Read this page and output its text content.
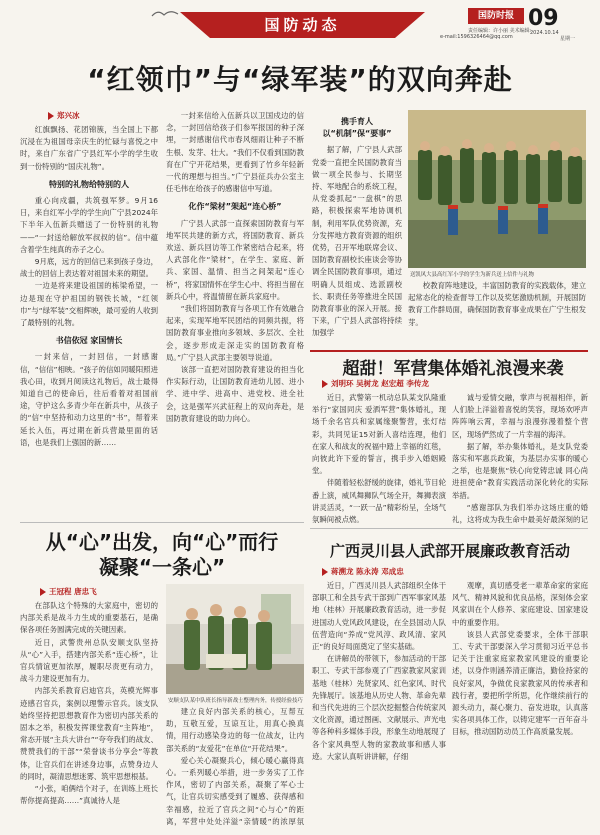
国防动态	国防时报
责任编辑：许小丽 美术编辑：
e-mail:1596326464@qq.com
09
2024.10.14
星期一
“红领巾”与“绿军装”的双向奔赴
郑兴冰

红旗飘扬、花团锦簇，当全国上下都沉浸在为祖国母亲庆生的忙碌与喜悦之中时，来自广东省广宁县红军小学的学生收到一份特别的“国庆礼物”。

特别的礼物给特别的人

重心向戍疆，共筑强军梦。9月16日，来自红军小学的学生向广宁县2024年下半年入伍新兵赠送了一份特别的礼物——“一封送给解放军叔叔的信”。信中蕴含着学生纯真的赤子之心。

9月底，远方的回信已来到孩子身边，战士的回信上表达着对祖国未来的期望。

一边是将来建设祖国的栋梁希望，一边是现在守护祖国的钢铁长城，“红领巾”与“绿军装”交相辉映，最可爱的人收到了最特别的礼物。

书信依冠 家国情长

一封来信，一封回信，一封感谢信，“信信”相映。“孩子的信如同暖阳照进我心田，收到月阅读这礼物后，战士最得知道自己的使命后，往后看着对祖国前途，守护这么多青少年在新兵中，从孩子的“信”中坚持和动力这里的“书”，帮着来延长入伍，再过期在新兵营最里面的话语，也是我们上强国的新……

一封来信给入伍新兵以卫国戍边的信念，一封回信给孩子们参军报国的种子深埋，一封感谢信代市春风细雨让种子不断生根、发芽、壮大。“我们不仅看到国防教育在广宁开花结果，更看到了竹乡年轻新一代的理想与担当。”广宁县征兵办公室主任毛伟在给孩子的感谢信中写道。

化作“梁材”架起“连心桥”

广宁县人武部一直探索国防教育与军地军民共建的新方式，将国防教育、新兵欢送、新兵回访等工作紧密结合起来，将人武部化作“梁材”，在学生、家庭、新兵、家国、温情、担当之间架起“连心桥”，将家国情怀在学生心中、将担当留在新兵心中，将温情留在新兵家庭中。

“我们将国防教育与各项工作有效融合起来，实现军地军民团结的同频共振，将国防教育事业推向多领域、多层次、全社会，逐步形成走深走实的国防教育格局。”广宁县人武部主要领导说道。

该部一直把对国防教育建设的担当化作实际行动，让国防教育进幼儿园、进小学、进中学、进高中、进党校、进全社会，这是强军兴武征程上的双向奔赴，是国防教育建设的助力向心。

携手育人
以“机制”保“要事”

据了解，广宁县人武部党委一直把全民国防教育当做一项全民参与、长期坚持、军地配合的系统工程，从党委抓起“一盘棋”的思路，积极探索军地协调机制，利用军队优势资源，充分发挥地方教育资源的组织优势，召开军地联席会议、国防教育副校长座谈会等协调全民国防教育事项，通过明确人员组成、选派副校长、职责任务等推进全民国防教育事业的深入开展。接下来，广宁县人武部将持续加强学

送凯风大县高红军小学的学生为新兵送上信件与礼物

校教育阵地建设，丰富国防教育的实践载体，建立起常态化的检查督导工作以及奖惩激励机制，开展国防教育工作群局面，确保国防教育事业成果在广宁生根发芽。

超甜！军营集体婚礼浪漫来袭
刘明环 吴树龙 赵宏超 李传龙

近日，武警第一机动总队某支队隆重举行“家国同庆 爱洒军营”集体婚礼，现场千余名官兵和家属缘聚警营，张灯结彩，共同见证15对新人喜结连理，他们在家人和战友的祝福中踏上幸福的红毯，向彼此许下爱的誓言，携手步入婚姻殿堂。

伴随着轻松舒缓的旋律，婚礼节目轮番上演，威风舞狮队气场全开，舞狮表演讲灵活灵，“一跃一品”精彩纷呈，全场气氛瞬间被点燃。

诚与爱情交融，掌声与祝福相伴，新人们脸上洋溢着喜悦的笑容，现场欢呼声阵阵响云霄，幸福与浪漫弥漫着整个营区，现场俨然成了一片幸福的海洋。

据了解，举办集体婚礼，是支队党委落实和军惠兵政策，为基层办实事的暖心之举，也是聚焦“铁心向党铸忠诚 同心尚进担使命”教育实践活动深化转化的实际举措。

“感谢部队为我们举办这场庄重的婚礼，这将成为我生命中最美好最深刻的记

从“心”出发，向“心”而行
凝聚“一条心”
王冠程 唐忠飞

在部队这个特殊的大家庭中，密切的内部关系是战斗力生成的重要基石，是确保各项任务圆满完成的关键因素。

近日，武警贵州总队安顺支队坚持从“心”入手，搭建内部关系“连心桥”，让官兵情谊更加浓厚，履职尽责更有动力，战斗力建设更加有力。

内部关系教育启迪官兵，英模光辉事迹感召官兵，案例以理警示官兵。该支队始终坚持把思想教育作为密切内部关系的固本之举，积极发挥课堂教育“主阵地”，常态开展“主兵大讲台”“夸夸我们的战友、赞赞我们的干部”“荣誉谈书分享会”等教体，让官兵们在讲述身边事，点赞身边人的同时，凝清思想迷雾、筑牢思想根基。

“小张，咱俩结个对子，在训练上班长帮你提高提高……”真诚待人是

安顺支队某中队班长指导新战士整理内务，传授经验技巧

建立良好内部关系的核心，互帮互助，互敬互爱，互谅互让，用真心换真情，用行动感染身边的每一位战友，让内部关系的“友爱花”在单位“开花结果”。

爱心关心凝聚兵心，倾心暖心赢得真心。一系列暖心举措，进一步务实了工作作风，密切了内部关系，凝聚了军心士气，让官兵切实感受到了履感、获得感和幸福感，拉近了官兵之间“心与心”的距离，军营中处处洋溢“亲情暖”的浓厚氛

广西灵川县人武部开展廉政教育活动
蒋溯龙 陈永涛 邓成忠

近日，广西灵川县人武部组织全体干部职工和全县专武干部到广西军事家风基地（桂林）开展廉政教育活动，进一步促进国动人党风政风建设，在全县国动人队伍营造向“养成”党风淳、政风清、家风正“的良好局面奠定了坚实基础。

在讲解员的带领下，参加活动的干部职工、专武干部参观了广西家教家风家训基地（桂林）先贤家风、红色家风、时代先锋展厅。该基地从历史人物、革命先辈和当代先进的三个层次挖掘整合传统家风文化资源，通过图画、文献展示、声光电等各种科多媒体手段，形象生动地展现了各个家风典型人物的家教故事和感人事迹。大家认真听讲讲解，仔细

观摩，真切感受老一辈革命家的家庭风气、精神风貌和优良品格，深刻体会家风家训在个人修养、家庭建设、国家建设中的重要作用。

该县人武部党委要求，全体干部职工、专武干部要深入学习贯彻习近平总书记关于注重家庭家教家风建设的重要论述，以身作则涵养清正廉洁，勤俭持家的良好家风，争做优良家教家风的传承者和践行者，要把所学所思，化作继续前行的源头动力，凝心聚力、奋发进取，认真落实各项具体工作，以铸定建军一百年奋斗目标，推动国防动员工作高质量发展。
